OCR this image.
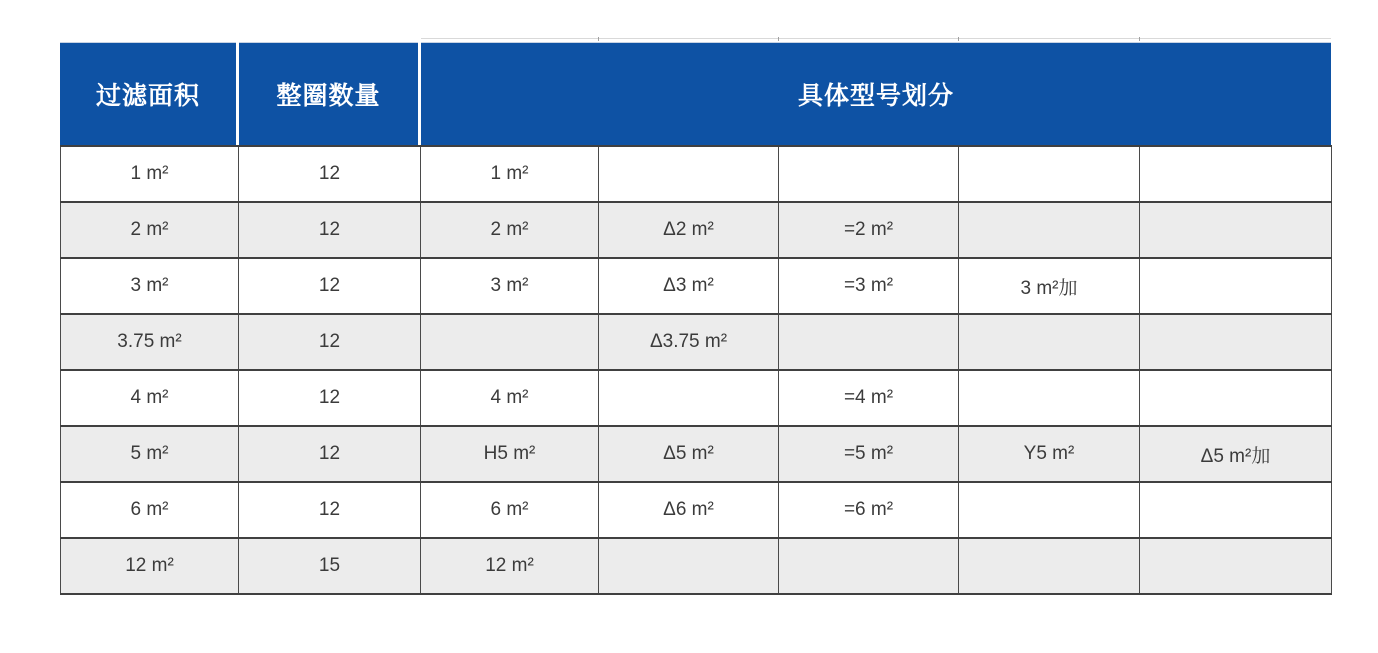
过滤面积	整圈数量	具体型号划分
1 m²	12	1 m²				
2 m²	12	2 m²	Δ2 m²	=2 m²		
3 m²	12	3 m²	Δ3 m²	=3 m²	3 m²加	
3.75 m²	12		Δ3.75 m²			
4 m²	12	4 m²		=4 m²		
5 m²	12	H5 m²	Δ5 m²	=5 m²	Y5 m²	Δ5 m²加
6 m²	12	6 m²	Δ6 m²	=6 m²		
12 m²	15	12 m²				
